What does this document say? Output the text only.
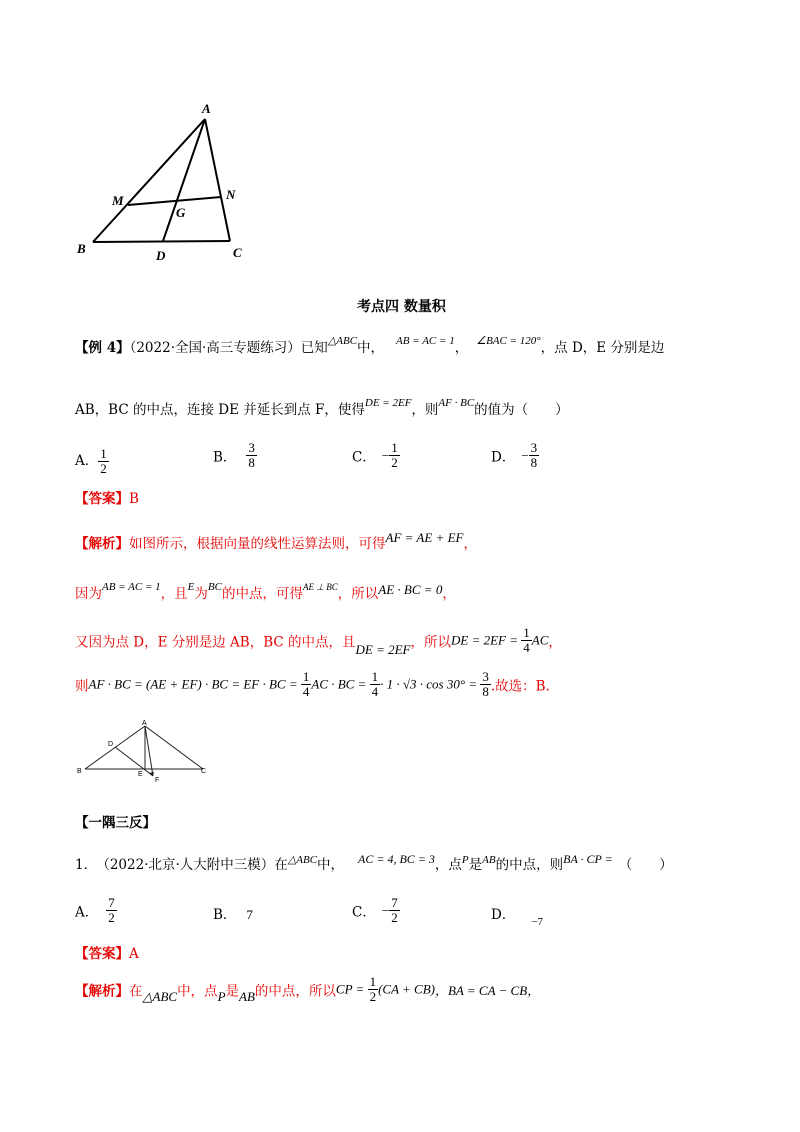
A
M	N
G
B	D	C
考点四 数量积
【例 4】（2022·全国·高三专题练习）已知$^{\triangle ABC}$中， $^{AB = AC = 1}$， $^{\angle BAC = 120^\circ}$，点 D，E 分别是边
AB，BC 的中点，连接 DE 并延长到点 F，使得$^{DE = 2EF}$，则$^{AF \cdot BC}$的值为（　　）
A． $\frac{1}{2}$	B． $\frac{3}{8}$	C． − $\frac{1}{2}$	D． − $\frac{3}{8}$
【答案】B
【解析】如图所示，根据向量的线性运算法则，可得AF = AE + EF，
因为$^{AB = AC = 1}$，且$^E$为$^{BC}$的中点，可得$^{AE \perp BC}$，所以AE · BC = 0，
又因为点 D，E 分别是边 AB，BC 的中点，且DE = 2EF，所以DE = $2EF = \frac{1}{4}$ AC，
则AF · BC = (AE + EF) · BC = EF · BC = $\frac{1}{4}$ AC · BC = $\frac{1}{4} \cdot 1 \cdot √3 \cdot \cos 30^\circ = \frac{3}{8}$ .故选：B.
A
D
B	E	C
F
【一隅三反】
1． （2022·北京·人大附中三模）在$^{\triangle ABC}$中， AC = 4, BC = 3，点$^P$是$^{AB}$的中点，则BA · CP = （　　）
A． $\frac{7}{2}$	B． 7	C． − $\frac{7}{2}$	D． $_{-7}$
【答案】A
【解析】在△ABC中，点P是AB的中点，所以CP = $\frac{1}{2} (CA + CB)$，BA = CA − CB，
